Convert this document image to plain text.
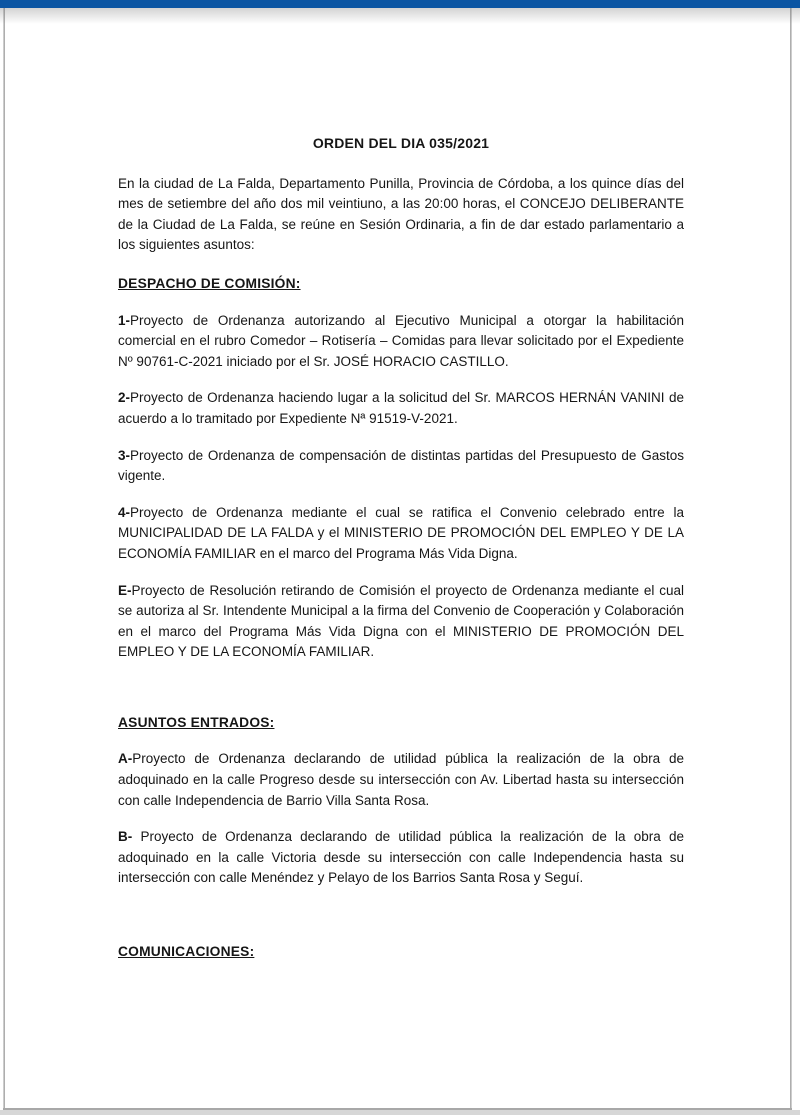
ORDEN DEL DIA 035/2021

En la ciudad de La Falda, Departamento Punilla, Provincia de Córdoba, a los quince días del mes de setiembre del año dos mil veintiuno, a las 20:00 horas, el CONCEJO DELIBERANTE de la Ciudad de La Falda, se reúne en Sesión Ordinaria, a fin de dar estado parlamentario a los siguientes asuntos:

DESPACHO DE COMISIÓN:

1-Proyecto de Ordenanza autorizando al Ejecutivo Municipal a otorgar la habilitación comercial en el rubro Comedor – Rotisería – Comidas para llevar solicitado por el Expediente Nº 90761-C-2021 iniciado por el Sr. JOSÉ HORACIO CASTILLO.

2-Proyecto de Ordenanza haciendo lugar a la solicitud del Sr. MARCOS HERNÁN VANINI de acuerdo a lo tramitado por Expediente Nª 91519-V-2021.

3-Proyecto de Ordenanza de compensación de distintas partidas del Presupuesto de Gastos vigente.

4-Proyecto de Ordenanza mediante el cual se ratifica el Convenio celebrado entre la MUNICIPALIDAD DE LA FALDA y el MINISTERIO DE PROMOCIÓN DEL EMPLEO Y DE LA ECONOMÍA FAMILIAR en el marco del Programa Más Vida Digna.

E-Proyecto de Resolución retirando de Comisión el proyecto de Ordenanza mediante el cual se autoriza al Sr. Intendente Municipal a la firma del Convenio de Cooperación y Colaboración en el marco del Programa Más Vida Digna con el MINISTERIO DE PROMOCIÓN DEL EMPLEO Y DE LA ECONOMÍA FAMILIAR.

ASUNTOS ENTRADOS:

A-Proyecto de Ordenanza declarando de utilidad pública la realización de la obra de adoquinado en la calle Progreso desde su intersección con Av. Libertad hasta su intersección con calle Independencia de Barrio Villa Santa Rosa.

B- Proyecto de Ordenanza declarando de utilidad pública la realización de la obra de adoquinado en la calle Victoria desde su intersección con calle Independencia hasta su intersección con calle Menéndez y Pelayo de los Barrios Santa Rosa y Seguí.

COMUNICACIONES:
